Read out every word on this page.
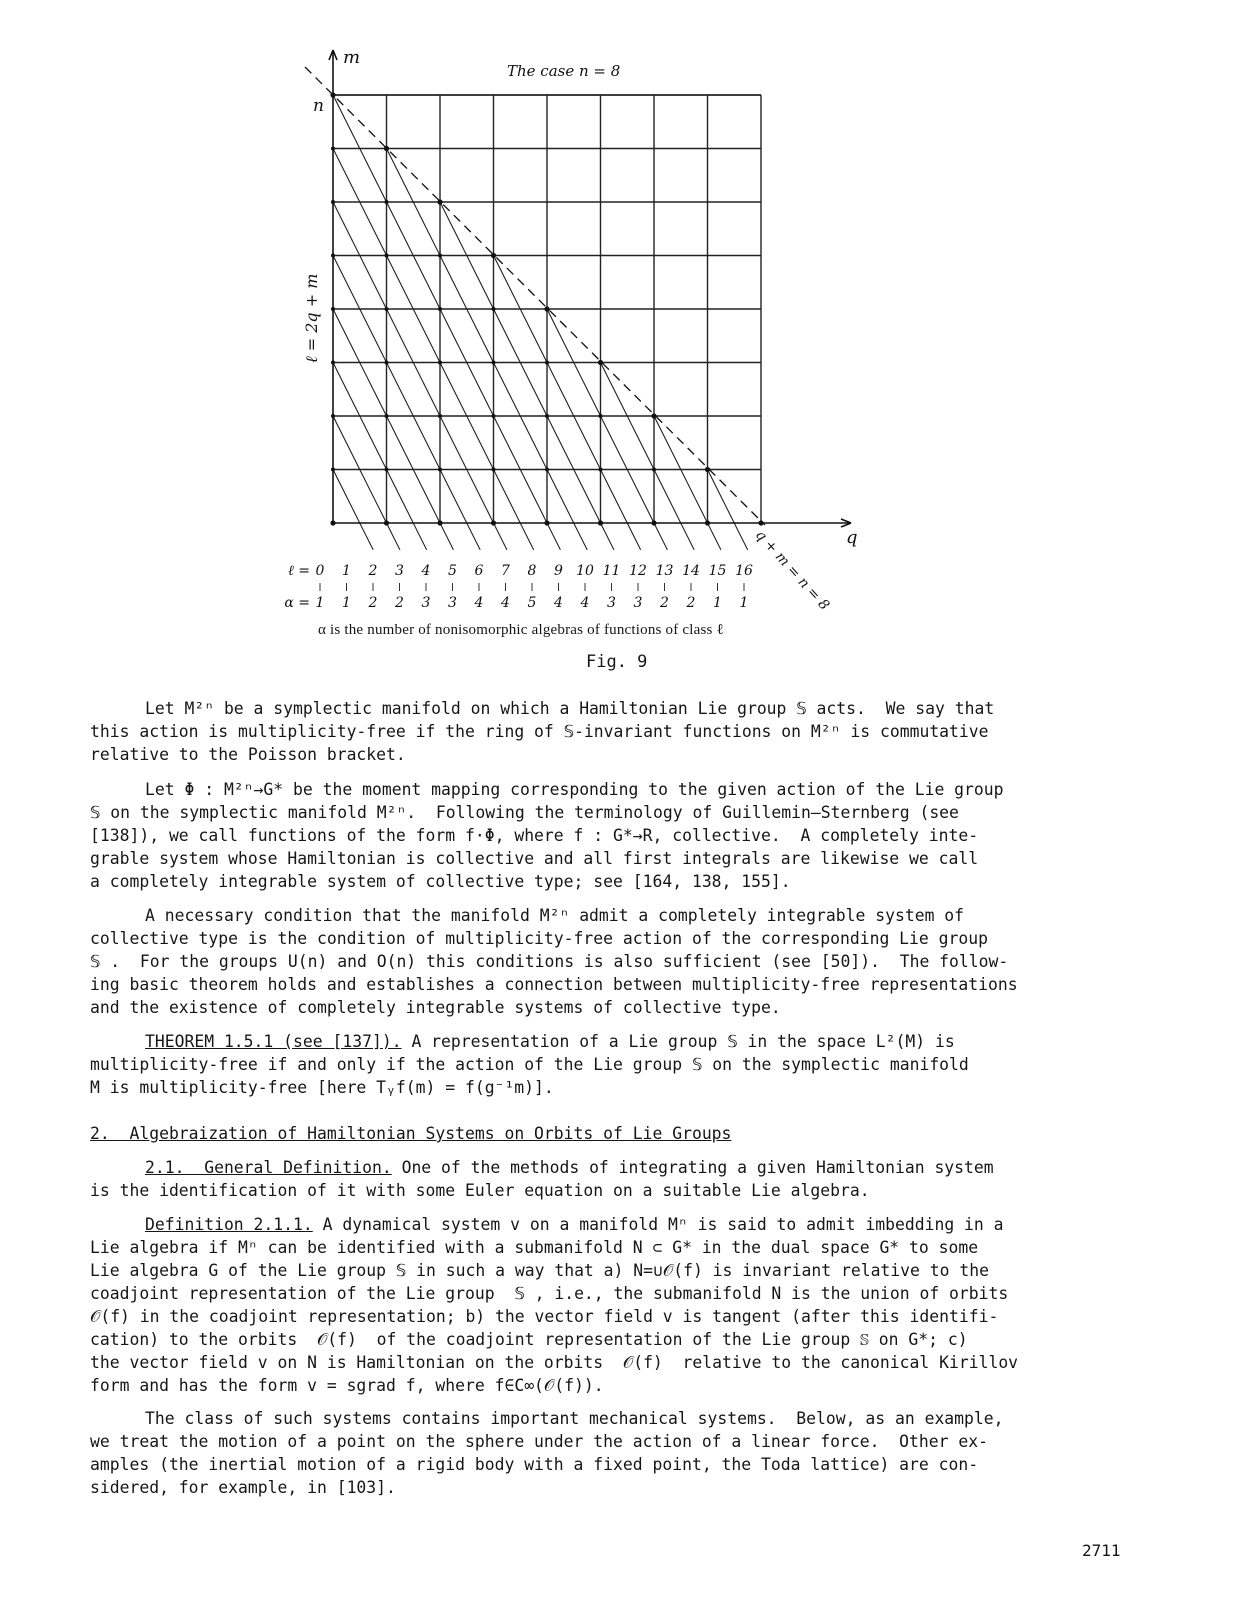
m
q
n
ℓ = 2q + m
The case n = 8
q + m = n = 8
ℓ =
α =
0 1 2 3 4 5 6 7 8 9 10 11 12 13 14 15 16
1 1 2 2 3 3 4 4 5 4 4 3 3 2 2 1 1
α is the number of nonisomorphic algebras of functions of class ℓ
Fig. 9
Let M²ⁿ be a symplectic manifold on which a Hamiltonian Lie group 𝕊 acts.  We say that
this action is multiplicity-free if the ring of 𝕊-invariant functions on M²ⁿ is commutative
relative to the Poisson bracket.
Let Φ : M²ⁿ→G* be the moment mapping corresponding to the given action of the Lie group
𝕊 on the symplectic manifold M²ⁿ.  Following the terminology of Guillemin–Sternberg (see
[138]), we call functions of the form f·Φ, where f : G*→R, collective.  A completely inte-
grable system whose Hamiltonian is collective and all first integrals are likewise we call
a completely integrable system of collective type; see [164, 138, 155].
A necessary condition that the manifold M²ⁿ admit a completely integrable system of
collective type is the condition of multiplicity-free action of the corresponding Lie group
𝕊 .  For the groups U(n) and O(n) this conditions is also sufficient (see [50]).  The follow-
ing basic theorem holds and establishes a connection between multiplicity-free representations
and the existence of completely integrable systems of collective type.
THEOREM 1.5.1 (see [137]). A representation of a Lie group 𝕊 in the space L²(M) is
multiplicity-free if and only if the action of the Lie group 𝕊 on the symplectic manifold
M is multiplicity-free [here Tᵧf(m) = f(g⁻¹m)].
2.  Algebraization of Hamiltonian Systems on Orbits of Lie Groups
2.1.  General Definition. One of the methods of integrating a given Hamiltonian system
is the identification of it with some Euler equation on a suitable Lie algebra.
Definition 2.1.1. A dynamical system v on a manifold Mⁿ is said to admit imbedding in a
Lie algebra if Mⁿ can be identified with a submanifold N ⊂ G* in the dual space G* to some
Lie algebra G of the Lie group 𝕊 in such a way that a) N=∪𝒪(f) is invariant relative to the
coadjoint representation of the Lie group  𝕊 , i.e., the submanifold N is the union of orbits
𝒪(f) in the coadjoint representation; b) the vector field v is tangent (after this identifi-
cation) to the orbits  𝒪(f)  of the coadjoint representation of the Lie group 𝕊 on G*; c)
the vector field v on N is Hamiltonian on the orbits  𝒪(f)  relative to the canonical Kirillov
form and has the form v = sgrad f, where f∈C∞(𝒪(f)).
The class of such systems contains important mechanical systems.  Below, as an example,
we treat the motion of a point on the sphere under the action of a linear force.  Other ex-
amples (the inertial motion of a rigid body with a fixed point, the Toda lattice) are con-
sidered, for example, in [103].
2711
